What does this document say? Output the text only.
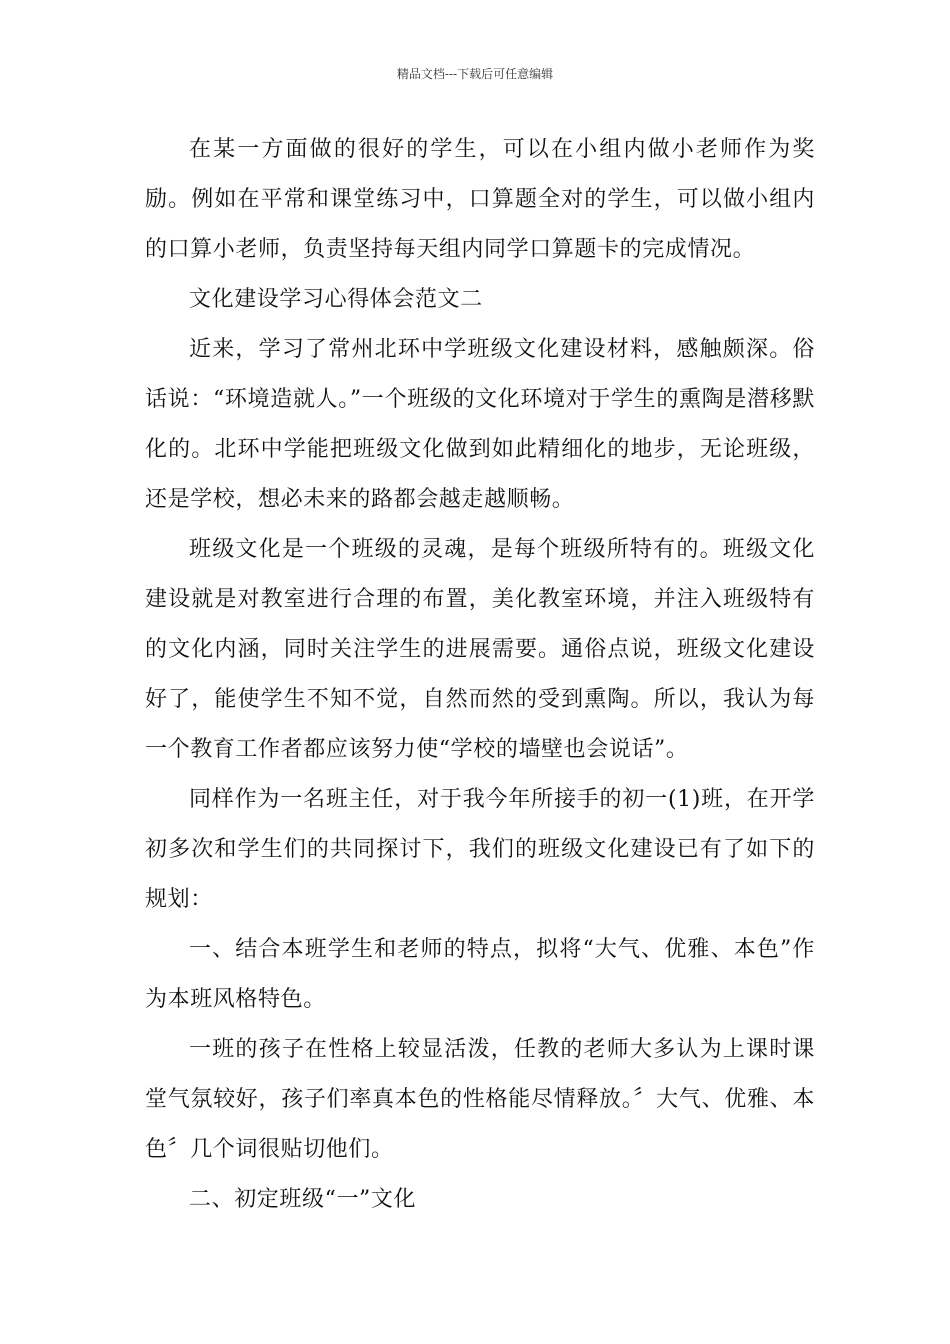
精品文档---下载后可任意编辑

在某一方面做的很好的学生，可以在小组内做小老师作为奖励。例如在平常和课堂练习中，口算题全对的学生，可以做小组内的口算小老师，负责坚持每天组内同学口算题卡的完成情况。

文化建设学习心得体会范文二

近来，学习了常州北环中学班级文化建设材料，感触颇深。俗话说：“环境造就人。”一个班级的文化环境对于学生的熏陶是潜移默化的。北环中学能把班级文化做到如此精细化的地步，无论班级，还是学校，想必未来的路都会越走越顺畅。

班级文化是一个班级的灵魂，是每个班级所特有的。班级文化建设就是对教室进行合理的布置，美化教室环境，并注入班级特有的文化内涵，同时关注学生的进展需要。通俗点说，班级文化建设好了，能使学生不知不觉，自然而然的受到熏陶。所以，我认为每一个教育工作者都应该努力使“学校的墙壁也会说话”。

同样作为一名班主任，对于我今年所接手的初一(1)班，在开学初多次和学生们的共同探讨下，我们的班级文化建设已有了如下的规划：

一、结合本班学生和老师的特点，拟将“大气、优雅、本色”作为本班风格特色。

一班的孩子在性格上较显活泼，任教的老师大多认为上课时课堂气氛较好，孩子们率真本色的性格能尽情释放。〞大气、优雅、本色〞几个词很贴切他们。

二、初定班级“一”文化
